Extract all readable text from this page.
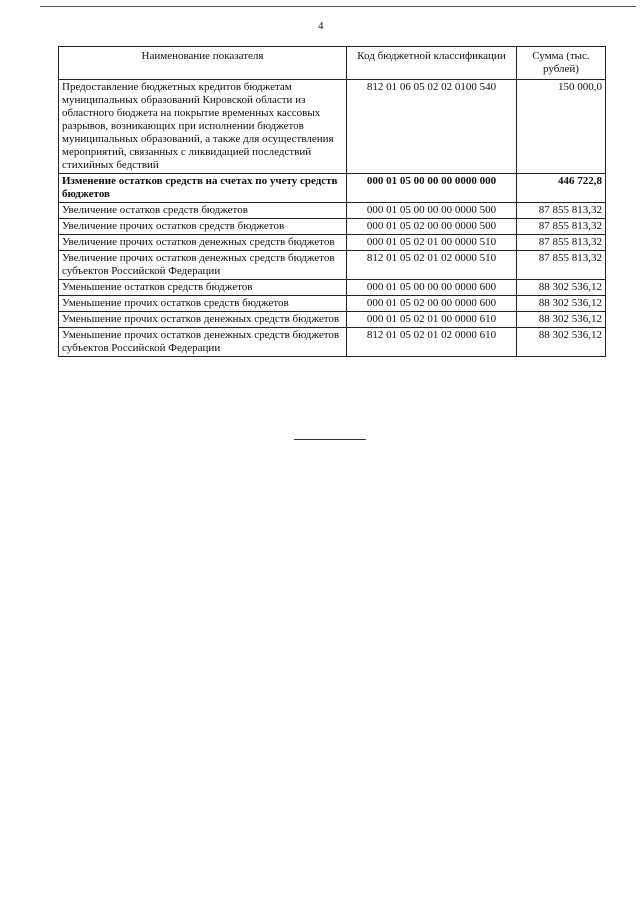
4
Наименование показателя	Код бюджетной классификации	Сумма (тыс. рублей)
Предоставление бюджетных кредитов бюджетам муниципальных образований Кировской области из областного бюджета на покрытие временных кассовых разрывов, возникающих при исполнении бюджетов муниципальных образований, а также для осуществления мероприятий, связанных с ликвидацией последствий стихийных бедствий	812 01 06 05 02 02 0100 540	150 000,0
Изменение остатков средств на счетах по учету средств бюджетов	000 01 05 00 00 00 0000 000	446 722,8
Увеличение остатков средств бюджетов	000 01 05 00 00 00 0000 500	87 855 813,32
Увеличение прочих остатков средств бюджетов	000 01 05 02 00 00 0000 500	87 855 813,32
Увеличение прочих остатков денежных средств бюджетов	000 01 05 02 01 00 0000 510	87 855 813,32
Увеличение прочих остатков денежных средств бюджетов субъектов Российской Федерации	812 01 05 02 01 02 0000 510	87 855 813,32
Уменьшение остатков средств бюджетов	000 01 05 00 00 00 0000 600	88 302 536,12
Уменьшение прочих остатков средств бюджетов	000 01 05 02 00 00 0000 600	88 302 536,12
Уменьшение прочих остатков денежных средств бюджетов	000 01 05 02 01 00 0000 610	88 302 536,12
Уменьшение прочих остатков денежных средств бюджетов субъектов Российской Федерации	812 01 05 02 01 02 0000 610	88 302 536,12
